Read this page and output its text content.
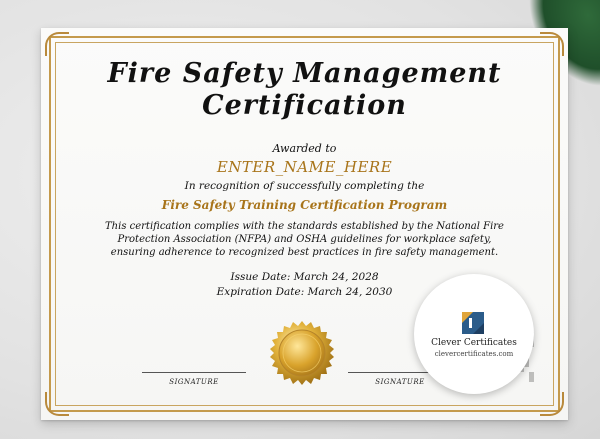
Fire Safety Management
Certification
Awarded to
ENTER_NAME_HERE
In recognition of successfully completing the
Fire Safety Training Certification Program
This certification complies with the standards established by the National Fire Protection Association (NFPA) and OSHA guidelines for workplace safety, ensuring adherence to recognized best practices in fire safety management.
Issue Date: March 24, 2028
Expiration Date: March 24, 2030
SIGNATURE	SIGNATURE
Clever Certificates
clevercertificates.com
